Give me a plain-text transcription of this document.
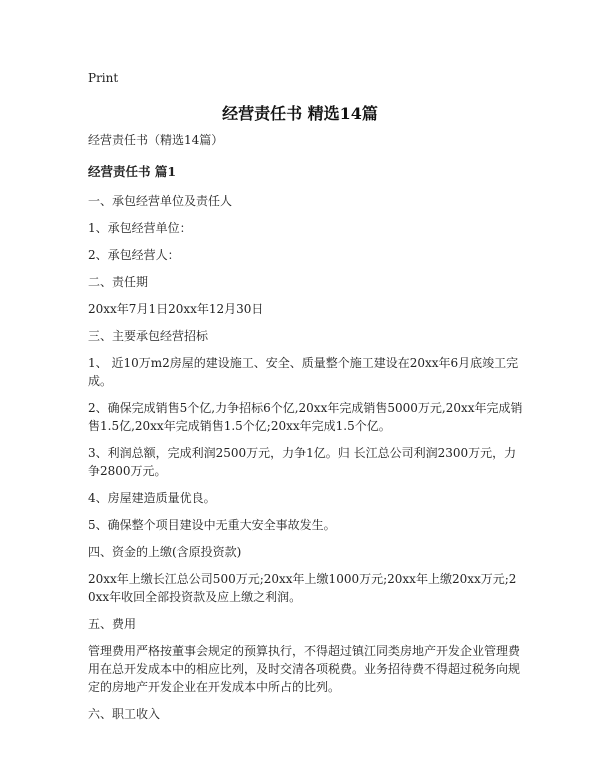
Print
经营责任书 精选14篇
经营责任书（精选14篇）
经营责任书 篇1
一、承包经营单位及责任人
1、承包经营单位：
2、承包经营人：
二、责任期
20xx年7月1日20xx年12月30日
三、主要承包经营招标
1、 近10万m2房屋的建设施工、安全、质量整个施工建设在20xx年6月底竣工完成。
2、确保完成销售5个亿,力争招标6个亿,20xx年完成销售5000万元,20xx年完成销售1.5亿,20xx年完成销售1.5个亿;20xx年完成1.5个亿。
3、利润总额，完成利润2500万元，力争1亿。归 长江总公司利润2300万元，力争2800万元。
4、房屋建造质量优良。
5、确保整个项目建设中无重大安全事故发生。
四、资金的上缴(含原投资款)
20xx年上缴长江总公司500万元;20xx年上缴1000万元;20xx年上缴20xx万元;20xx年收回全部投资款及应上缴之利润。
五、费用
管理费用严格按董事会规定的预算执行，不得超过镇江同类房地产开发企业管理费用在总开发成本中的相应比列，及时交清各项税费。业务招待费不得超过税务向规定的房地产开发企业在开发成本中所占的比列。
六、职工收入
